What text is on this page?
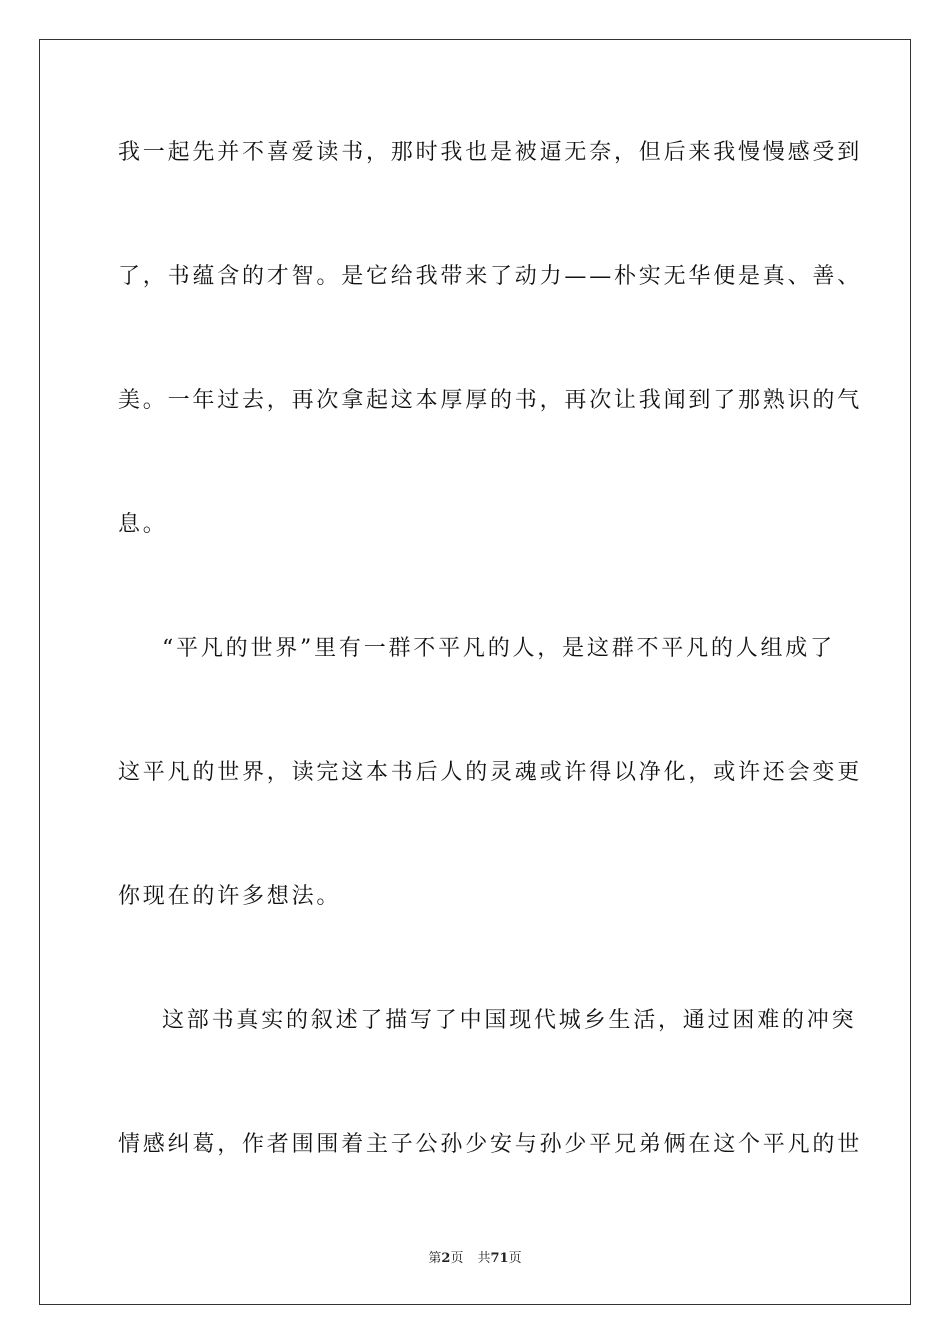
我一起先并不喜爱读书，那时我也是被逼无奈，但后来我慢慢感受到
了，书蕴含的才智。是它给我带来了动力——朴实无华便是真、善、
美。一年过去，再次拿起这本厚厚的书，再次让我闻到了那熟识的气
息。
“平凡的世界”里有一群不平凡的人，是这群不平凡的人组成了
这平凡的世界，读完这本书后人的灵魂或许得以净化，或许还会变更
你现在的许多想法。
这部书真实的叙述了描写了中国现代城乡生活，通过困难的冲突
情感纠葛，作者围围着主子公孙少安与孙少平兄弟俩在这个平凡的世
第2页 共71页
